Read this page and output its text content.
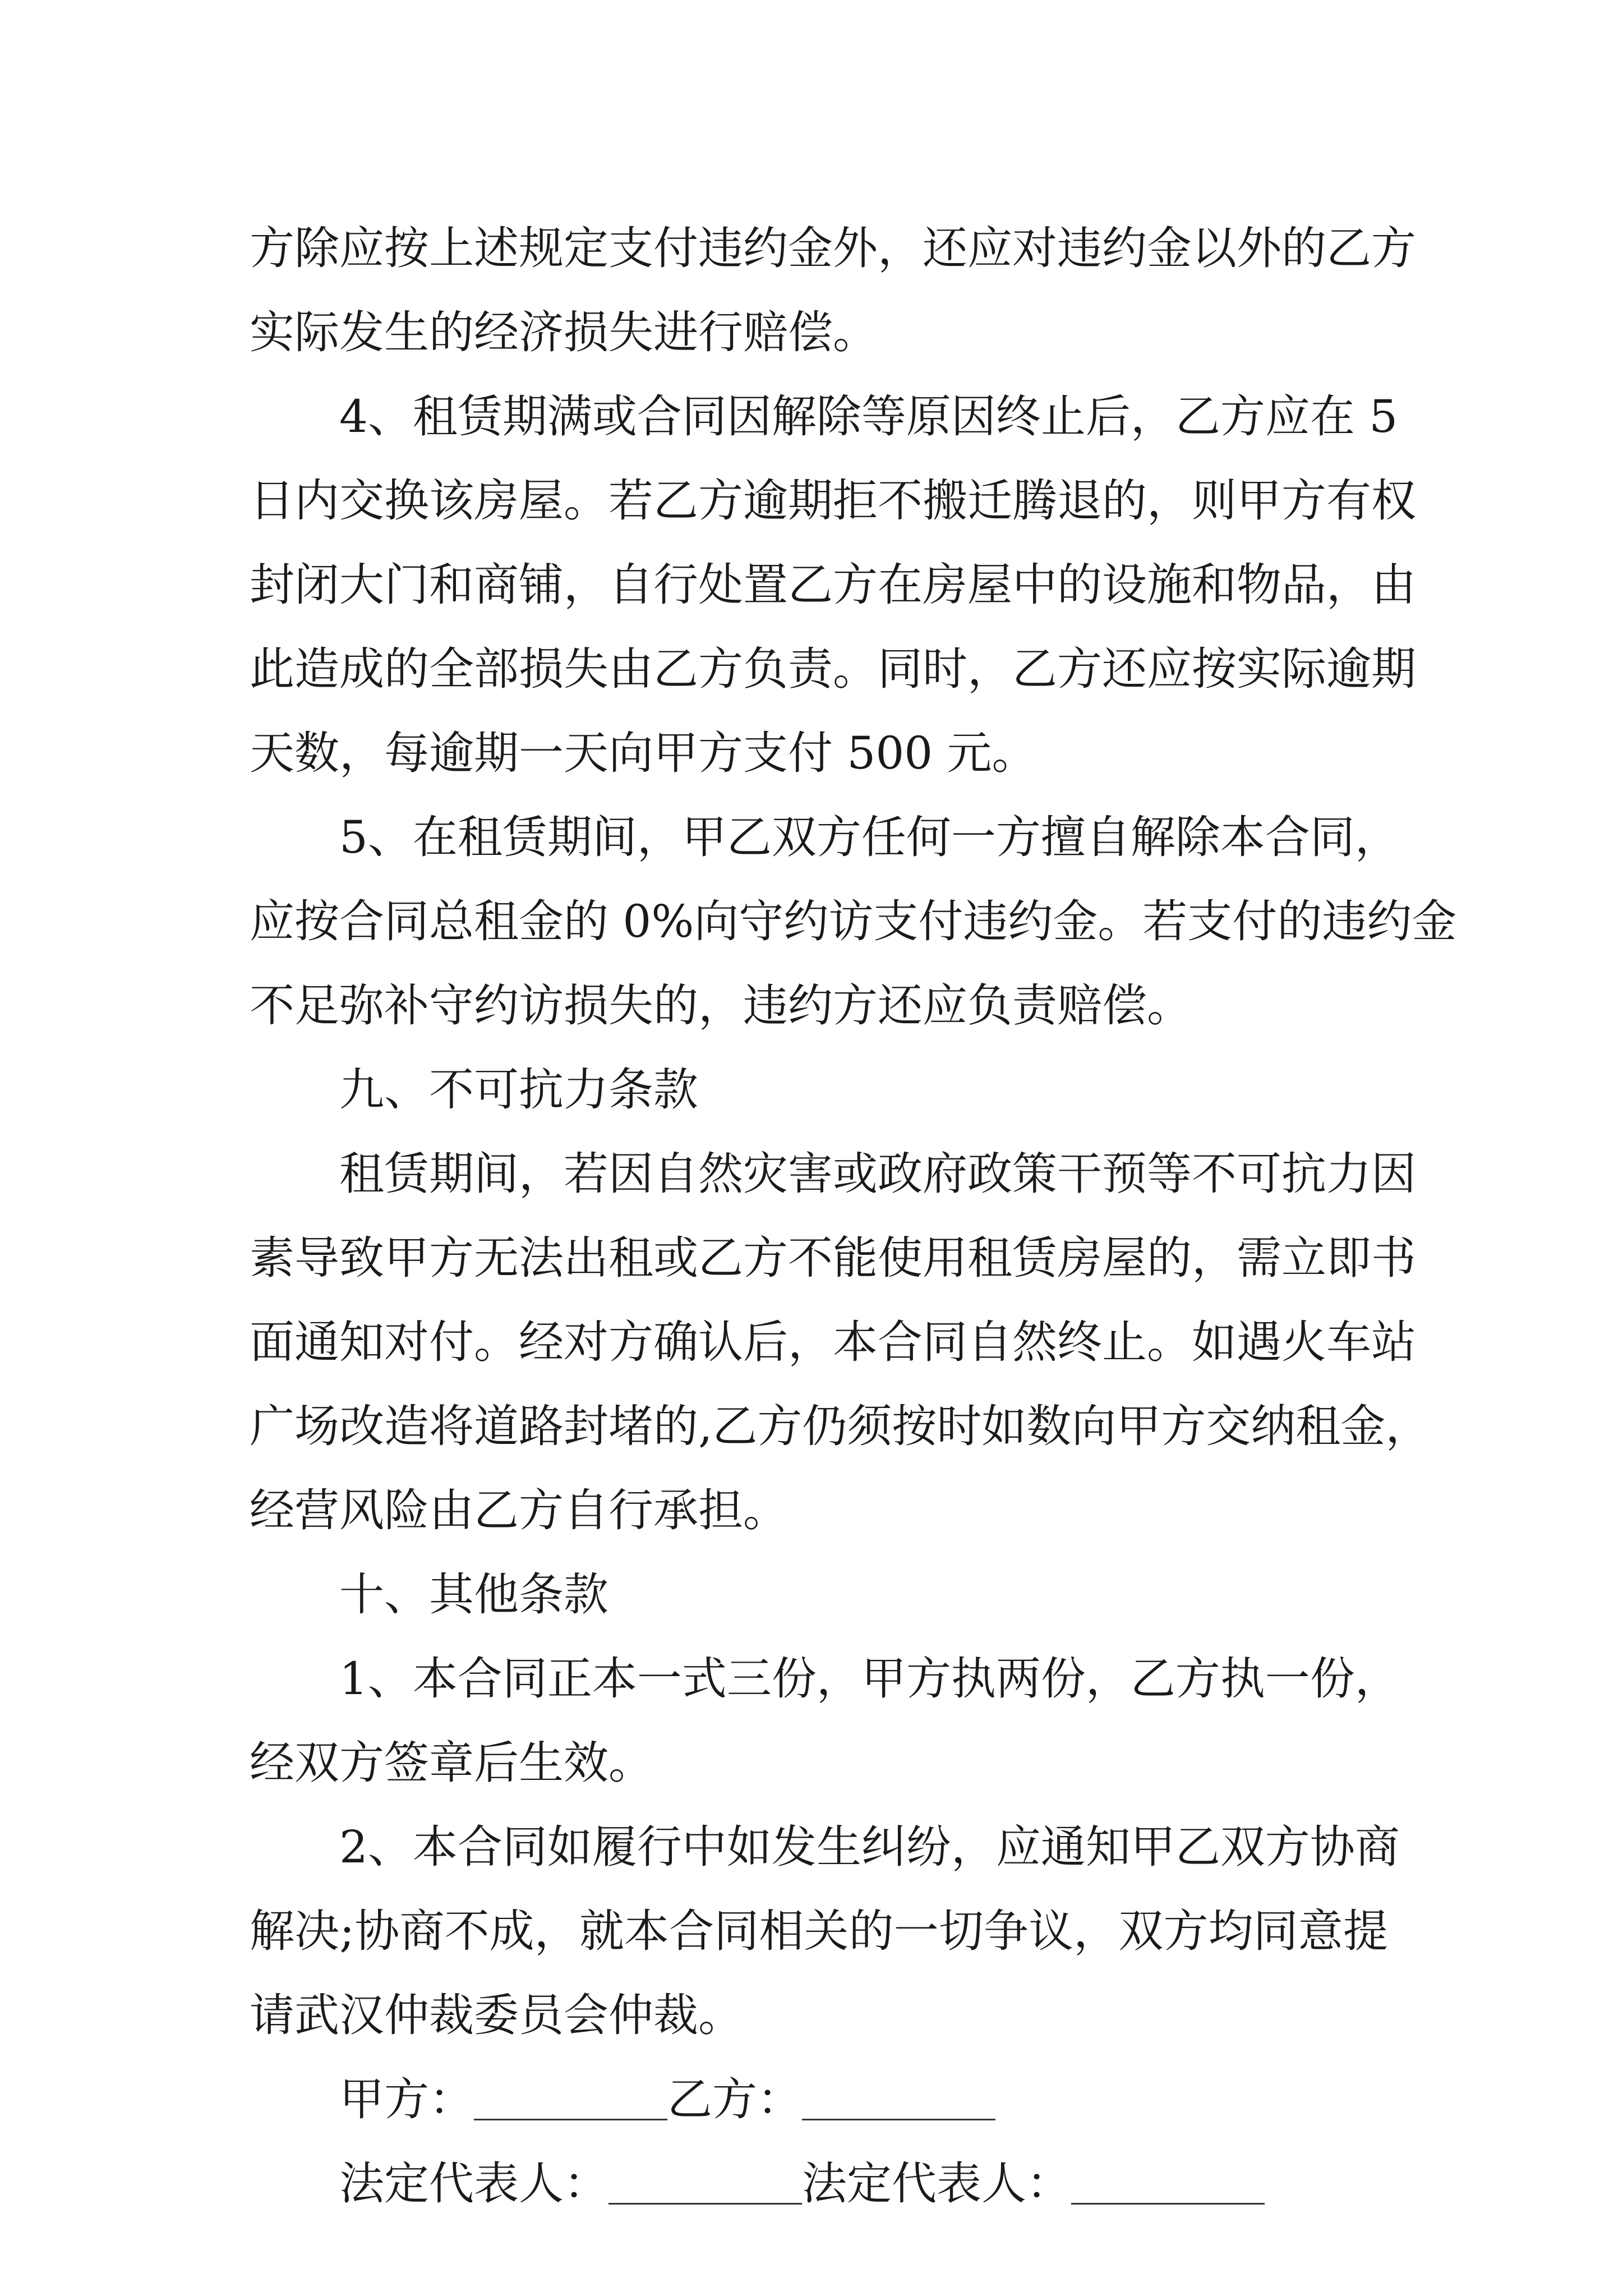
方除应按上述规定支付违约金外，还应对违约金以外的乙方
实际发生的经济损失进行赔偿。
4、租赁期满或合同因解除等原因终止后，乙方应在 5
日内交换该房屋。若乙方逾期拒不搬迁腾退的，则甲方有权
封闭大门和商铺，自行处置乙方在房屋中的设施和物品，由
此造成的全部损失由乙方负责。同时，乙方还应按实际逾期
天数，每逾期一天向甲方支付 500 元。
5、在租赁期间，甲乙双方任何一方擅自解除本合同，
应按合同总租金的 0%向守约访支付违约金。若支付的违约金
不足弥补守约访损失的，违约方还应负责赔偿。
九、不可抗力条款
租赁期间，若因自然灾害或政府政策干预等不可抗力因
素导致甲方无法出租或乙方不能使用租赁房屋的，需立即书
面通知对付。经对方确认后，本合同自然终止。如遇火车站
广场改造将道路封堵的,乙方仍须按时如数向甲方交纳租金，
经营风险由乙方自行承担。
十、其他条款
1、本合同正本一式三份，甲方执两份，乙方执一份，
经双方签章后生效。
2、本合同如履行中如发生纠纷，应通知甲乙双方协商
解决;协商不成，就本合同相关的一切争议，双方均同意提
请武汉仲裁委员会仲裁。
甲方：	乙方：
法定代表人：	法定代表人：
